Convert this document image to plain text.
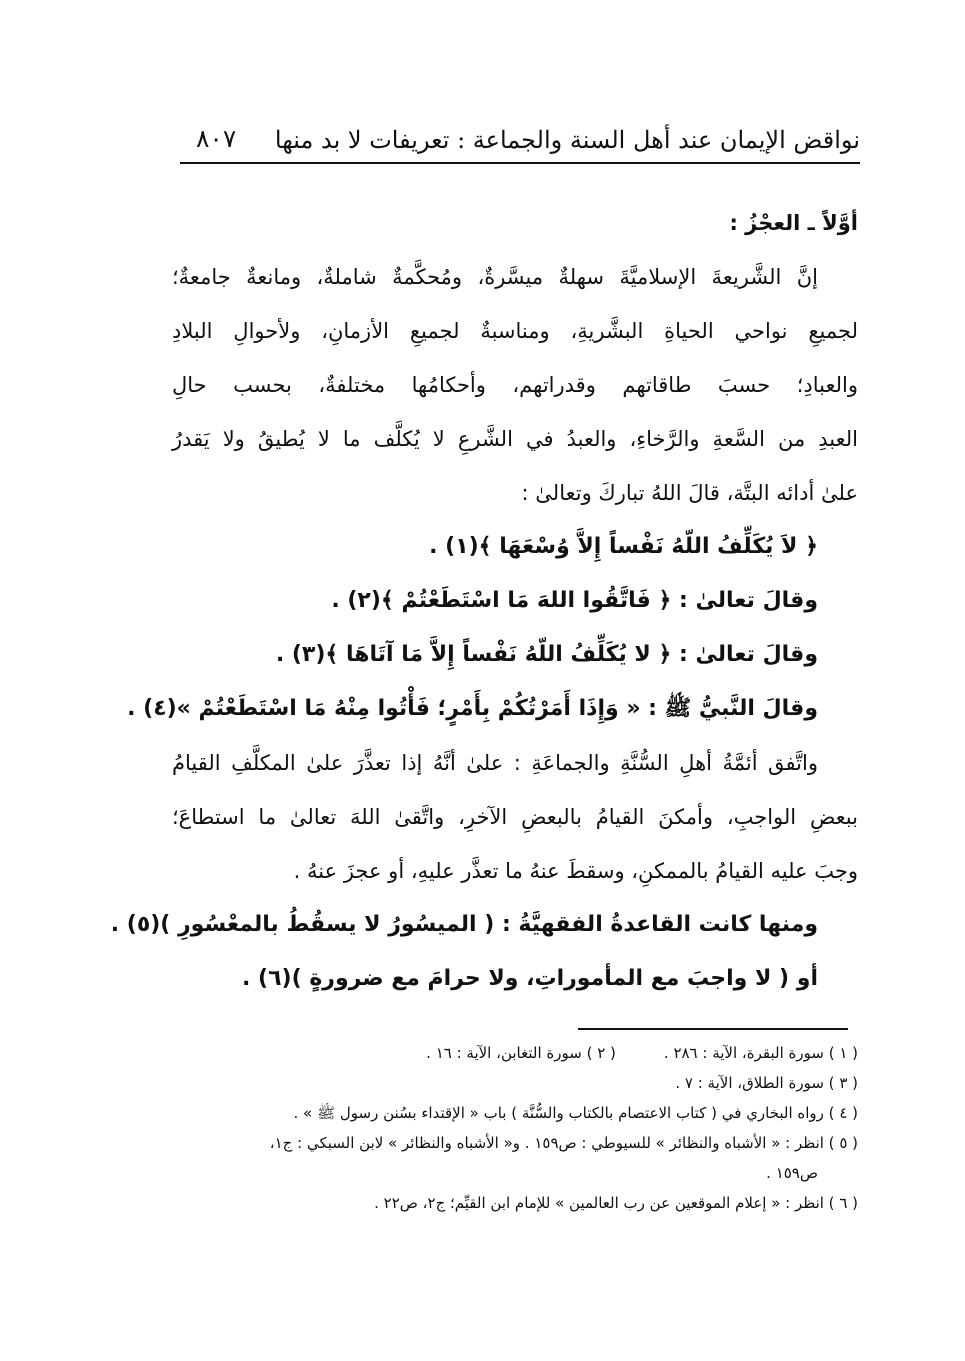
نواقض الإيمان عند أهل السنة والجماعة : تعريفات لا بد منها
٨٠٧
أوَّلاً ـ العجْزُ :
إنَّ الشَّريعةَ الإسلاميَّةَ سهلةٌ ميسَّرةٌ، ومُحكَّمةٌ شاملةٌ، ومانعةٌ جامعةٌ؛
لجميعِ نواحي الحياةِ البشَّريةِ، ومناسبةٌ لجميعِ الأزمانِ، ولأحوالِ البلادِ
والعبادِ؛ حسبَ طاقاتهم وقدراتهم، وأحكامُها مختلفةٌ، بحسب حالِ
العبدِ من السَّعةِ والرَّخاءِ، والعبدُ في الشَّرعِ لا يُكلَّف ما لا يُطيقُ ولا يَقدرُ
علىٰ أدائه البتَّة، قالَ اللهُ تباركَ وتعالىٰ :
﴿ لاَ يُكَلِّفُ اللّهُ نَفْساً إِلاَّ وُسْعَهَا ﴾(١) .
وقالَ تعالىٰ : ﴿ فَاتَّقُوا اللهَ مَا اسْتَطَعْتُمْ ﴾(٢) .
وقالَ تعالىٰ : ﴿ لا يُكَلِّفُ اللّهُ نَفْساً إِلاَّ مَا آتَاهَا ﴾(٣) .
وقالَ النَّبيُّ ﷺ : « وَإِذَا أَمَرْتُكُمْ بِأَمْرٍ؛ فَأْتُوا مِنْهُ مَا اسْتَطَعْتُمْ »(٤) .
واتَّفق أئمَّةُ أهلِ السُّنَّةِ والجماعَةِ : علىٰ أنَّهُ إذا تعذَّرَ علىٰ المكلَّفِ القيامُ
ببعضِ الواجبِ، وأمكنَ القيامُ بالبعضِ الآخرِ، واتَّقىٰ اللهَ تعالىٰ ما استطاعَ؛
وجبَ عليه القيامُ بالممكنِ، وسقطَ عنهُ ما تعذَّر عليهِ، أو عجزَ عنهُ .
ومنها كانت القاعدةُ الفقهيَّةُ : ( الميسُورُ لا يسقُطُ بالمعْسُورِ )(٥) .
أو ( لا واجبَ مع المأموراتِ، ولا حرامَ مع ضرورةٍ )(٦) .
( ١ ) سورة البقرة، الآية : ٢٨٦ .
( ٢ ) سورة التغابن، الآية : ١٦ .
( ٣ ) سورة الطلاق، الآية : ٧ .
( ٤ ) رواه البخاري في ( كتاب الاعتصام بالكتاب والسُّنَّة ) باب « الإقتداء بسُنن رسول ﷺ » .
( ٥ ) انظر : « الأشباه والنظائر » للسيوطي : ص١٥٩ . و« الأشباه والنظائر » لابن السبكي : ج١،
ص١٥٩ .
( ٦ ) انظر : « إعلام الموقعين عن رب العالمين » للإمام ابن القيِّم؛ ج٢، ص٢٢ .
